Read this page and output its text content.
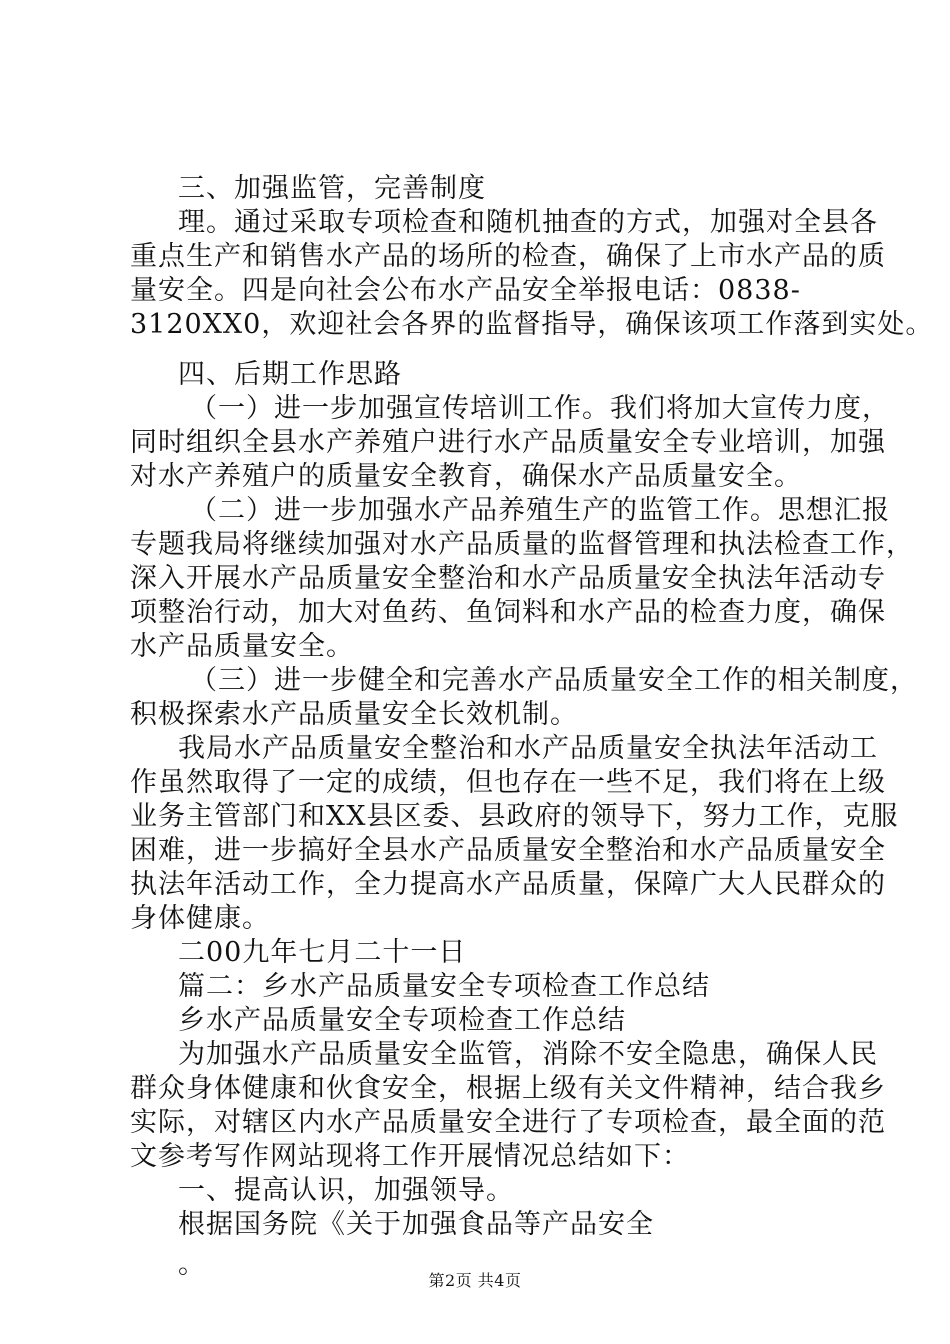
三、加强监管，完善制度
理。通过采取专项检查和随机抽查的方式，加强对全县各
重点生产和销售水产品的场所的检查，确保了上市水产品的质
量安全。四是向社会公布水产品安全举报电话：0838-
3120XX0，欢迎社会各界的监督指导，确保该项工作落到实处。
四、后期工作思路
（一）进一步加强宣传培训工作。我们将加大宣传力度，
同时组织全县水产养殖户进行水产品质量安全专业培训，加强
对水产养殖户的质量安全教育，确保水产品质量安全。
（二）进一步加强水产品养殖生产的监管工作。思想汇报
专题我局将继续加强对水产品质量的监督管理和执法检查工作，
深入开展水产品质量安全整治和水产品质量安全执法年活动专
项整治行动，加大对鱼药、鱼饲料和水产品的检查力度，确保
水产品质量安全。
（三）进一步健全和完善水产品质量安全工作的相关制度，
积极探索水产品质量安全长效机制。
我局水产品质量安全整治和水产品质量安全执法年活动工
作虽然取得了一定的成绩，但也存在一些不足，我们将在上级
业务主管部门和XX县区委、县政府的领导下，努力工作，克服
困难，进一步搞好全县水产品质量安全整治和水产品质量安全
执法年活动工作，全力提高水产品质量，保障广大人民群众的
身体健康。
二00九年七月二十一日
篇二：乡水产品质量安全专项检查工作总结
乡水产品质量安全专项检查工作总结
为加强水产品质量安全监管，消除不安全隐患，确保人民
群众身体健康和伙食安全，根据上级有关文件精神，结合我乡
实际，对辖区内水产品质量安全进行了专项检查，最全面的范
文参考写作网站现将工作开展情况总结如下：
一、提高认识，加强领导。
根据国务院《关于加强食品等产品安全
。
第2页 共4页
